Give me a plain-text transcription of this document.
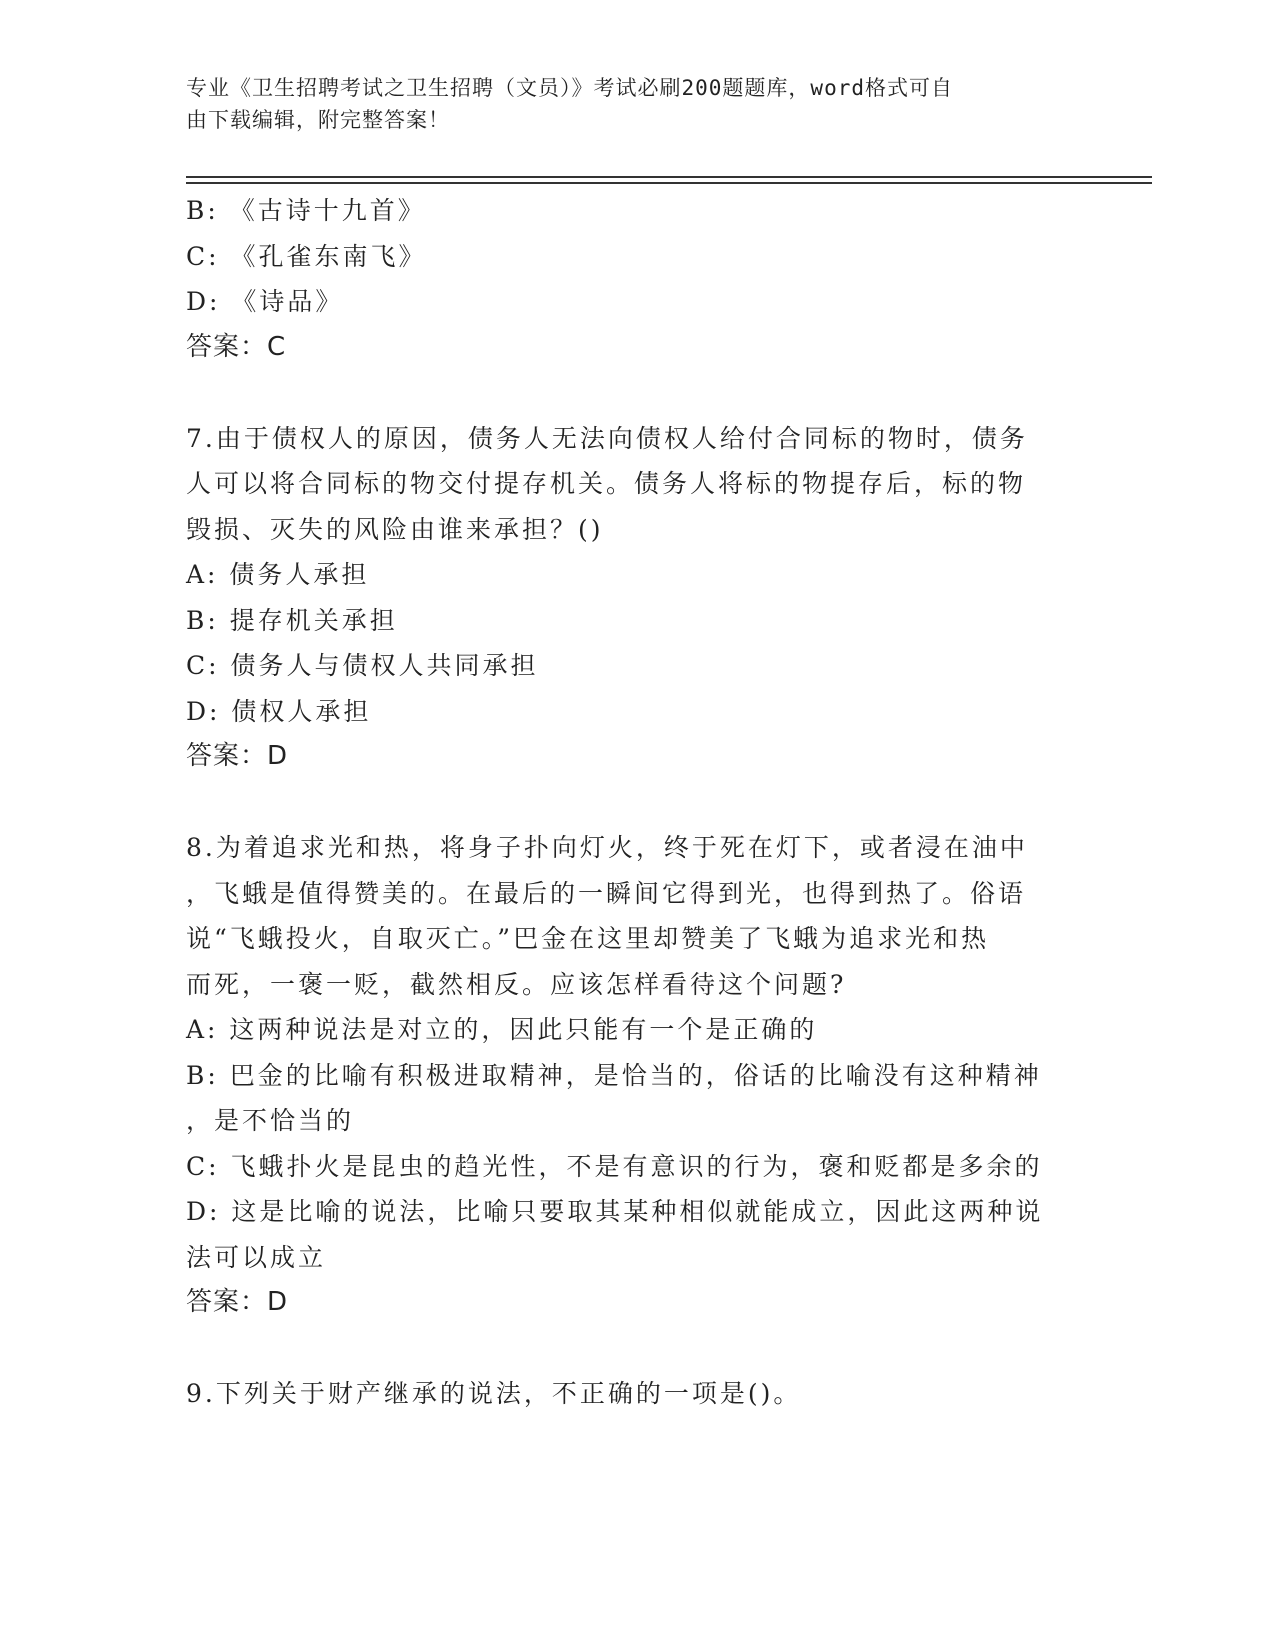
专业《卫生招聘考试之卫生招聘（文员）》考试必刷200题题库，word格式可自
由下载编辑，附完整答案！
B: 《古诗十九首》
C: 《孔雀东南飞》
D: 《诗品》
答案：C
7.由于债权人的原因，债务人无法向债权人给付合同标的物时，债务
人可以将合同标的物交付提存机关。债务人将标的物提存后，标的物
毁损、灭失的风险由谁来承担？()
A: 债务人承担
B: 提存机关承担
C: 债务人与债权人共同承担
D: 债权人承担
答案：D
8.为着追求光和热，将身子扑向灯火，终于死在灯下，或者浸在油中
，飞蛾是值得赞美的。在最后的一瞬间它得到光，也得到热了。俗语
说“飞蛾投火，自取灭亡。”巴金在这里却赞美了飞蛾为追求光和热
而死，一褒一贬，截然相反。应该怎样看待这个问题?
A: 这两种说法是对立的，因此只能有一个是正确的
B: 巴金的比喻有积极进取精神，是恰当的，俗话的比喻没有这种精神
，是不恰当的
C: 飞蛾扑火是昆虫的趋光性，不是有意识的行为，褒和贬都是多余的
D: 这是比喻的说法，比喻只要取其某种相似就能成立，因此这两种说
法可以成立
答案：D
9.下列关于财产继承的说法，不正确的一项是()。
